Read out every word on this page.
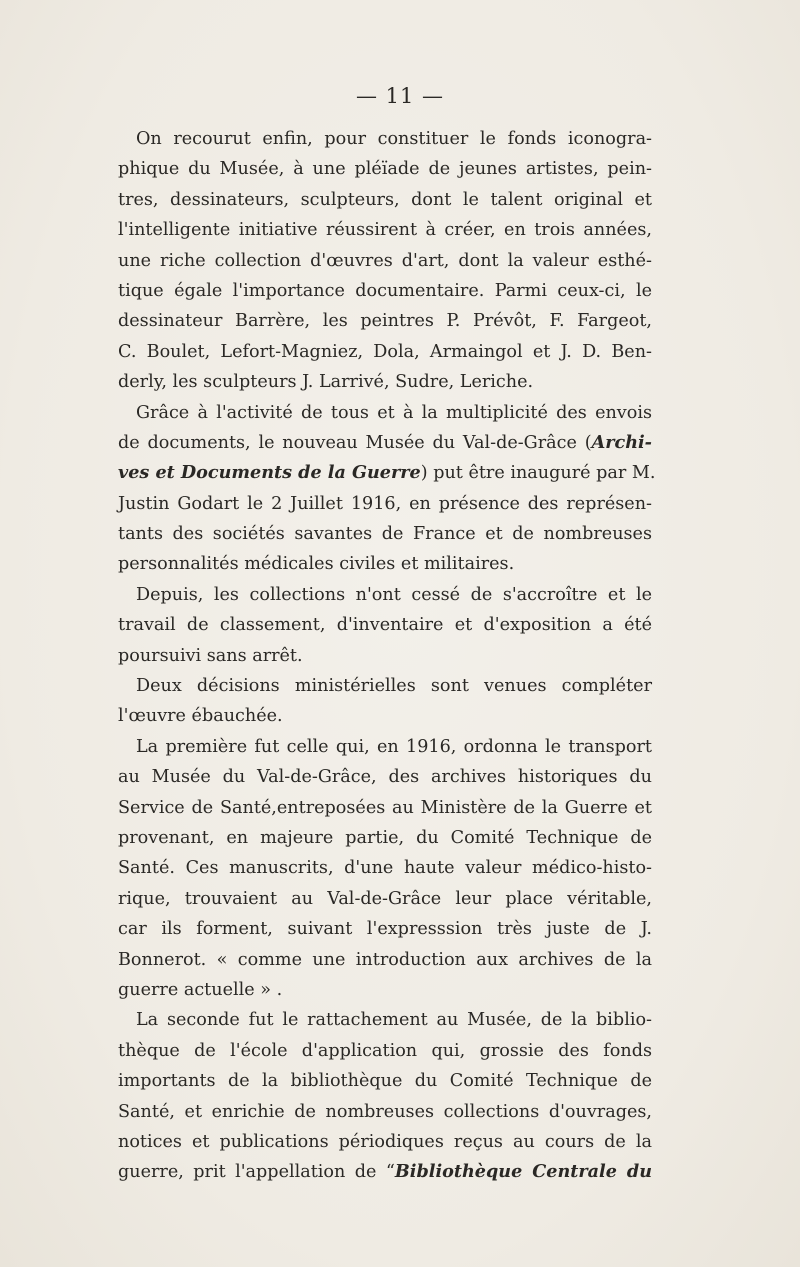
— 11 —
On recourut enfin, pour constituer le fonds iconogra-
phique du Musée, à une pléïade de jeunes artistes, pein-
tres, dessinateurs, sculpteurs, dont le talent original et
l'intelligente initiative réussirent à créer, en trois années,
une riche collection d'œuvres d'art, dont la valeur esthé-
tique égale l'importance documentaire. Parmi ceux-ci, le
dessinateur Barrère, les peintres P. Prévôt, F. Fargeot,
C. Boulet, Lefort-Magniez, Dola, Armaingol et J. D. Ben-
derly, les sculpteurs J. Larrivé, Sudre, Leriche.
Grâce à l'activité de tous et à la multiplicité des envois
de documents, le nouveau Musée du Val-de-Grâce (Archi-
ves et Documents de la Guerre) put être inauguré par M.
Justin Godart le 2 Juillet 1916, en présence des représen-
tants des sociétés savantes de France et de nombreuses
personnalités médicales civiles et militaires.
Depuis, les collections n'ont cessé de s'accroître et le
travail de classement, d'inventaire et d'exposition a été
poursuivi sans arrêt.
Deux décisions ministérielles sont venues compléter
l'œuvre ébauchée.
La première fut celle qui, en 1916, ordonna le transport
au Musée du Val-de-Grâce, des archives historiques du
Service de Santé,entreposées au Ministère de la Guerre et
provenant, en majeure partie, du Comité Technique de
Santé. Ces manuscrits, d'une haute valeur médico-histo-
rique, trouvaient au Val-de-Grâce leur place véritable,
car ils forment, suivant l'expresssion très juste de J.
Bonnerot. « comme une introduction aux archives de la
guerre actuelle » .
La seconde fut le rattachement au Musée, de la biblio-
thèque de l'école d'application qui, grossie des fonds
importants de la bibliothèque du Comité Technique de
Santé, et enrichie de nombreuses collections d'ouvrages,
notices et publications périodiques reçus au cours de la
guerre, prit l'appellation de “Bibliothèque Centrale du
